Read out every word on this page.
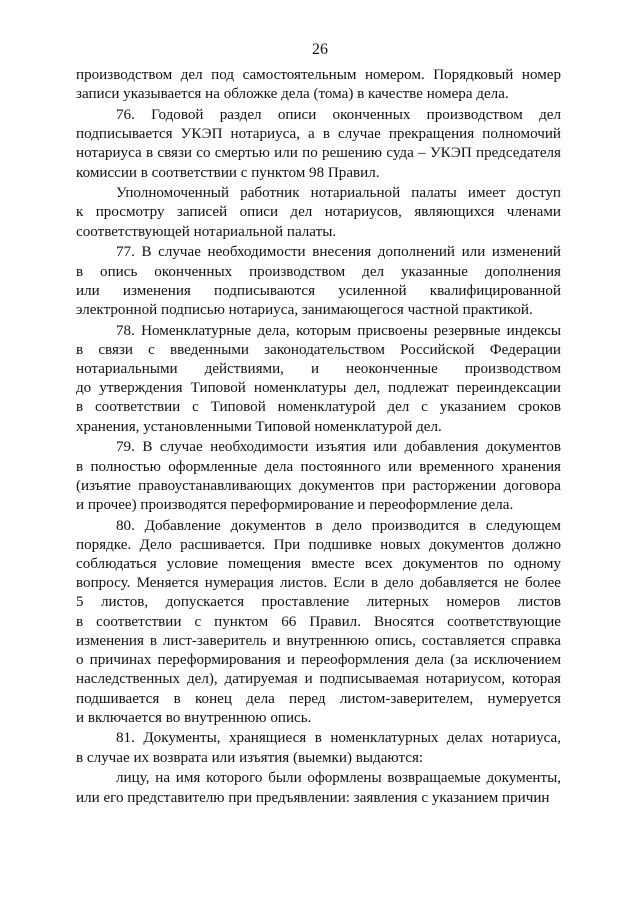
26
производством дел под самостоятельным номером. Порядковый номер
записи указывается на обложке дела (тома) в качестве номера дела.
76. Годовой раздел описи оконченных производством дел
подписывается УКЭП нотариуса, а в случае прекращения полномочий
нотариуса в связи со смертью или по решению суда – УКЭП председателя
комиссии в соответствии с пунктом 98 Правил.
Уполномоченный работник нотариальной палаты имеет доступ
к просмотру записей описи дел нотариусов, являющихся членами
соответствующей нотариальной палаты.
77. В случае необходимости внесения дополнений или изменений
в опись оконченных производством дел указанные дополнения
или изменения подписываются усиленной квалифицированной
электронной подписью нотариуса, занимающегося частной практикой.
78. Номенклатурные дела, которым присвоены резервные индексы
в связи с введенными законодательством Российской Федерации
нотариальными действиями, и неоконченные производством
до утверждения Типовой номенклатуры дел, подлежат переиндексации
в соответствии с Типовой номенклатурой дел с указанием сроков
хранения, установленными Типовой номенклатурой дел.
79. В случае необходимости изъятия или добавления документов
в полностью оформленные дела постоянного или временного хранения
(изъятие правоустанавливающих документов при расторжении договора
и прочее) производятся переформирование и переоформление дела.
80. Добавление документов в дело производится в следующем
порядке. Дело расшивается. При подшивке новых документов должно
соблюдаться условие помещения вместе всех документов по одному
вопросу. Меняется нумерация листов. Если в дело добавляется не более
5 листов, допускается проставление литерных номеров листов
в соответствии с пунктом 66 Правил. Вносятся соответствующие
изменения в лист-заверитель и внутреннюю опись, составляется справка
о причинах переформирования и переоформления дела (за исключением
наследственных дел), датируемая и подписываемая нотариусом, которая
подшивается в конец дела перед листом-заверителем, нумеруется
и включается во внутреннюю опись.
81. Документы, хранящиеся в номенклатурных делах нотариуса,
в случае их возврата или изъятия (выемки) выдаются:
лицу, на имя которого были оформлены возвращаемые документы,
или его представителю при предъявлении: заявления с указанием причин
